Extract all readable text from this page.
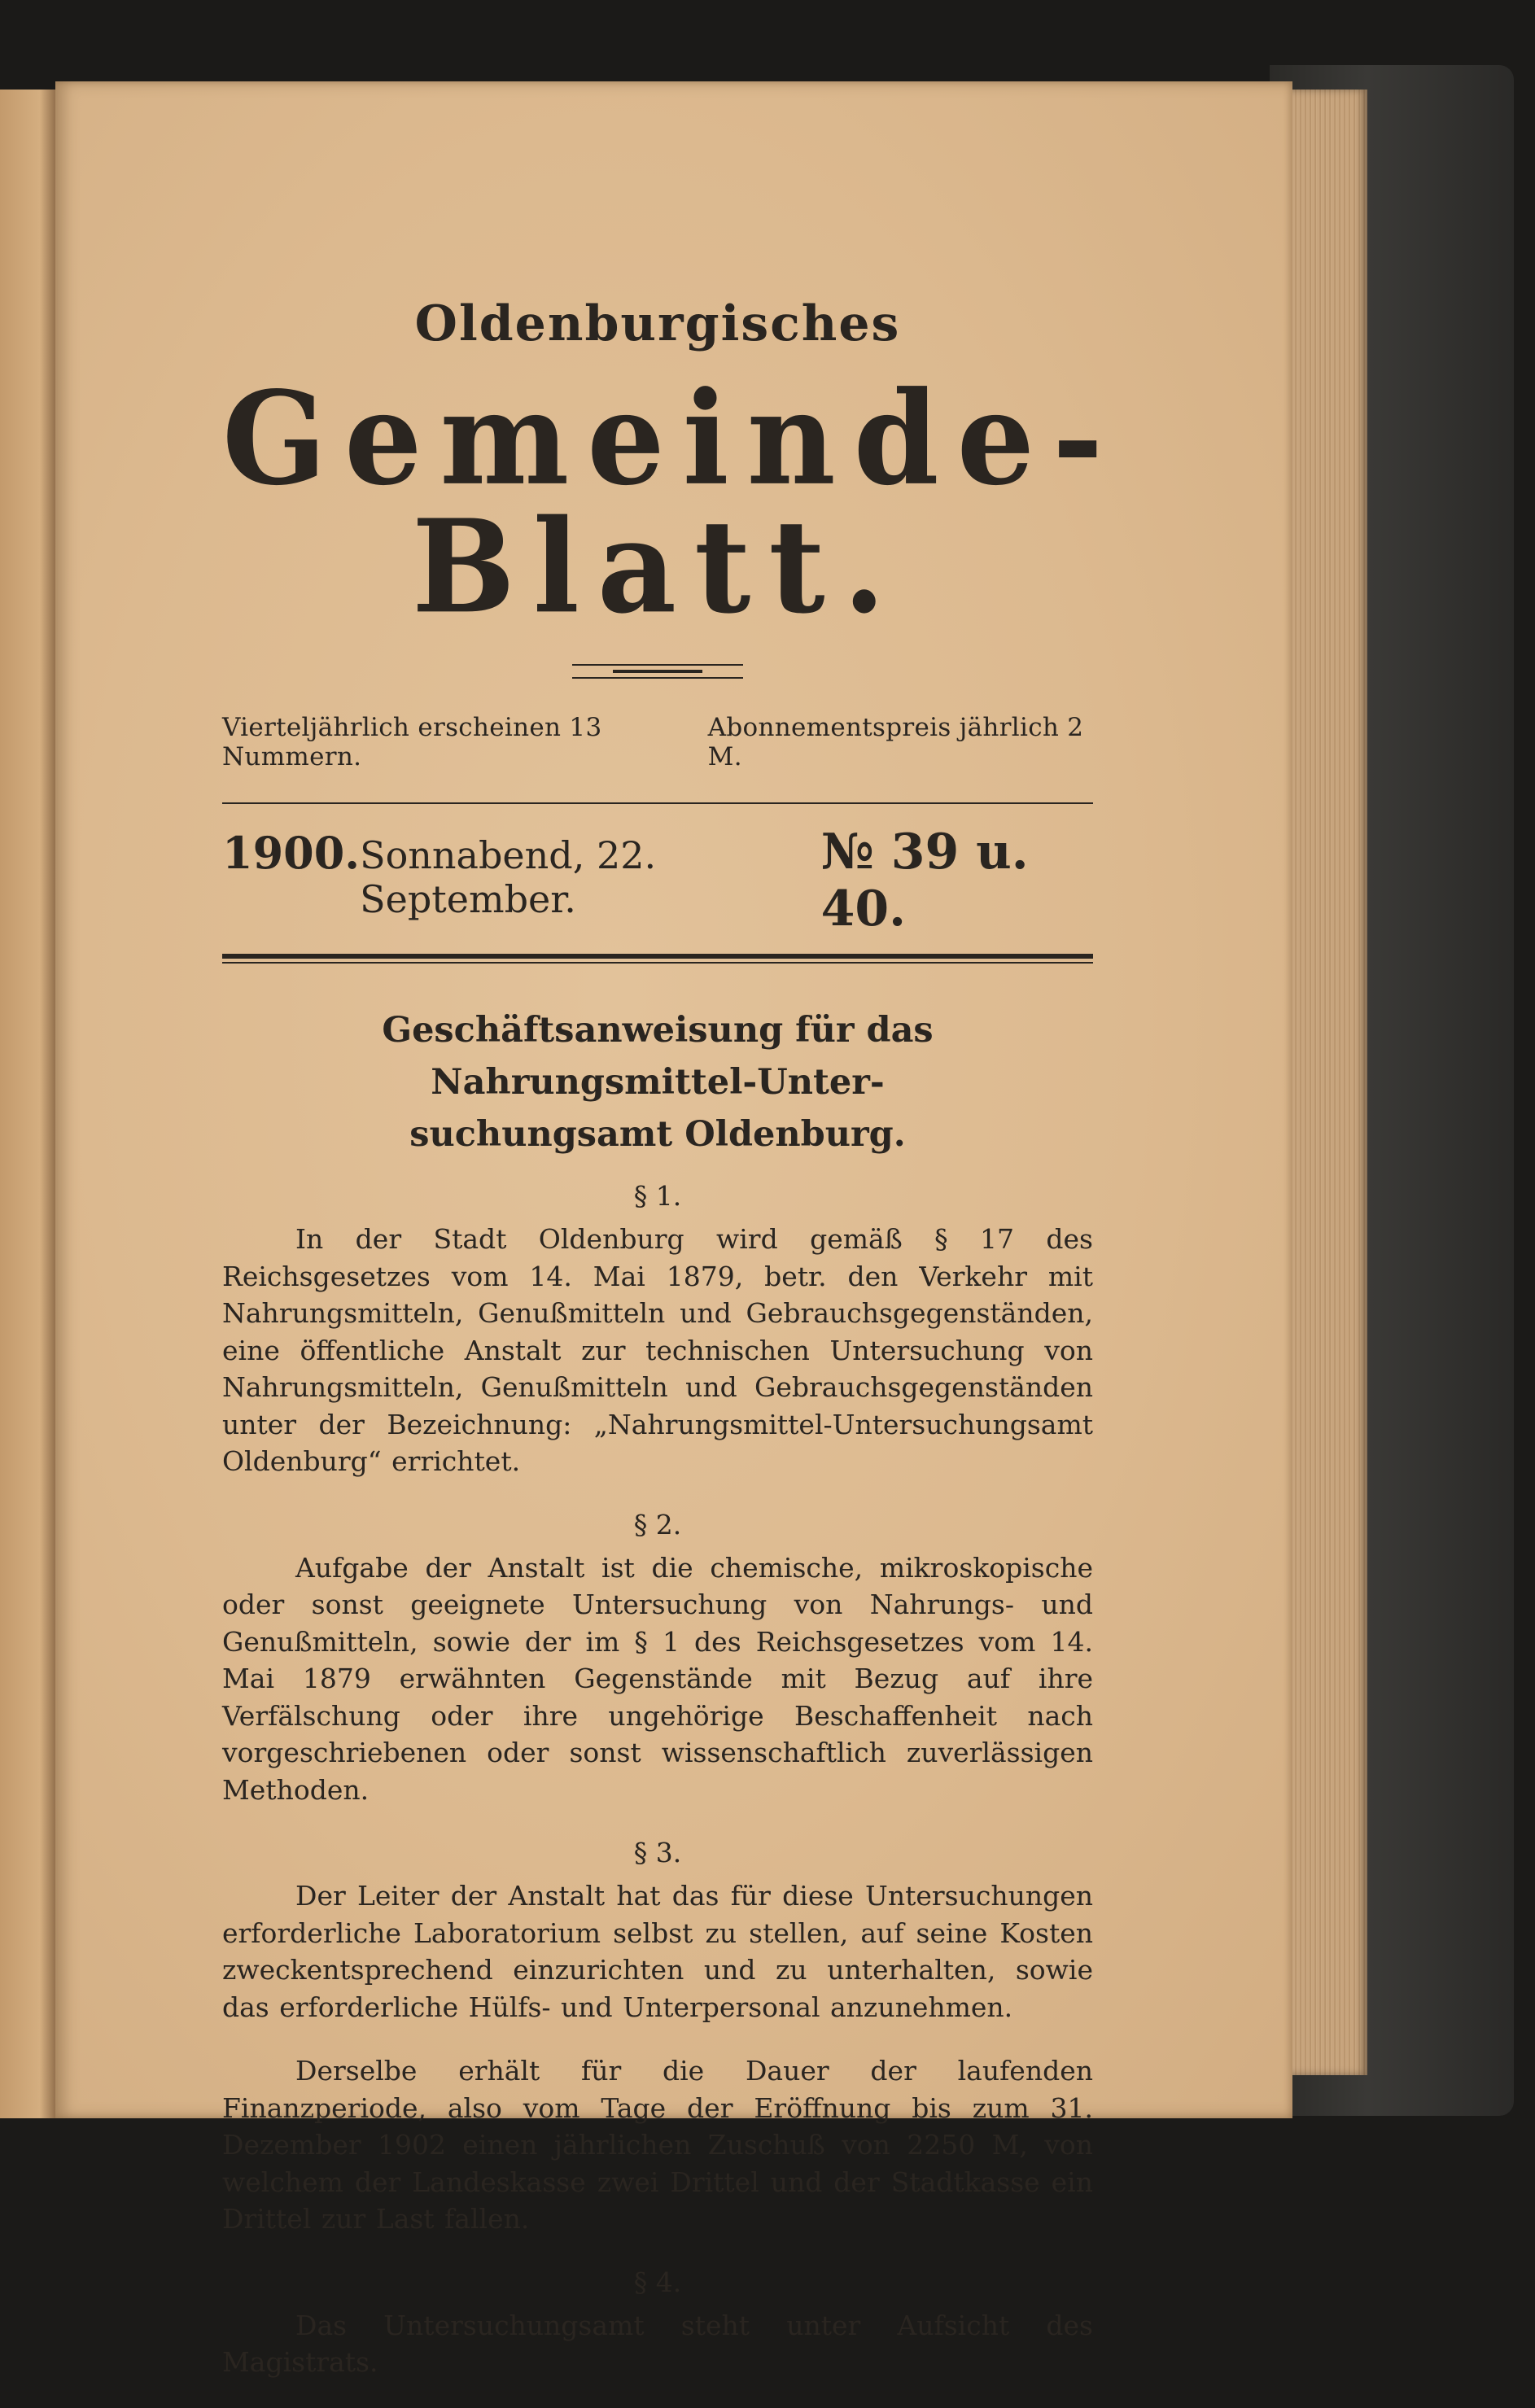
Oldenburgisches
Gemeinde-Blatt.
Vierteljährlich erscheinen 13 Nummern.
Abonnementspreis jährlich 2 M.
1900. Sonnabend, 22. September.
№ 39 u. 40.
Geschäftsanweisung für das Nahrungsmittel-Unter-
suchungsamt Oldenburg.
§ 1.

In der Stadt Oldenburg wird gemäß § 17 des Reichsgesetzes vom 14. Mai 1879, betr. den Verkehr mit Nahrungsmitteln, Genußmitteln und Gebrauchsgegenständen, eine öffentliche Anstalt zur technischen Untersuchung von Nahrungsmitteln, Genußmitteln und Gebrauchsgegenständen unter der Bezeichnung: „Nahrungsmittel-Untersuchungsamt Oldenburg“ errichtet.

§ 2.

Aufgabe der Anstalt ist die chemische, mikroskopische oder sonst geeignete Untersuchung von Nahrungs- und Genußmitteln, sowie der im § 1 des Reichsgesetzes vom 14. Mai 1879 erwähnten Gegenstände mit Bezug auf ihre Verfälschung oder ihre ungehörige Beschaffenheit nach vorgeschriebenen oder sonst wissenschaftlich zuverlässigen Methoden.

§ 3.

Der Leiter der Anstalt hat das für diese Untersuchungen erforderliche Laboratorium selbst zu stellen, auf seine Kosten zweckentsprechend einzurichten und zu unterhalten, sowie das erforderliche Hülfs- und Unterpersonal anzunehmen.

Derselbe erhält für die Dauer der laufenden Finanzperiode, also vom Tage der Eröffnung bis zum 31. Dezember 1902 einen jährlichen Zuschuß von 2250 M, von welchem der Landeskasse zwei Drittel und der Stadtkasse ein Drittel zur Last fallen.

§ 4.

Das Untersuchungsamt steht unter Aufsicht des Magistrats.
